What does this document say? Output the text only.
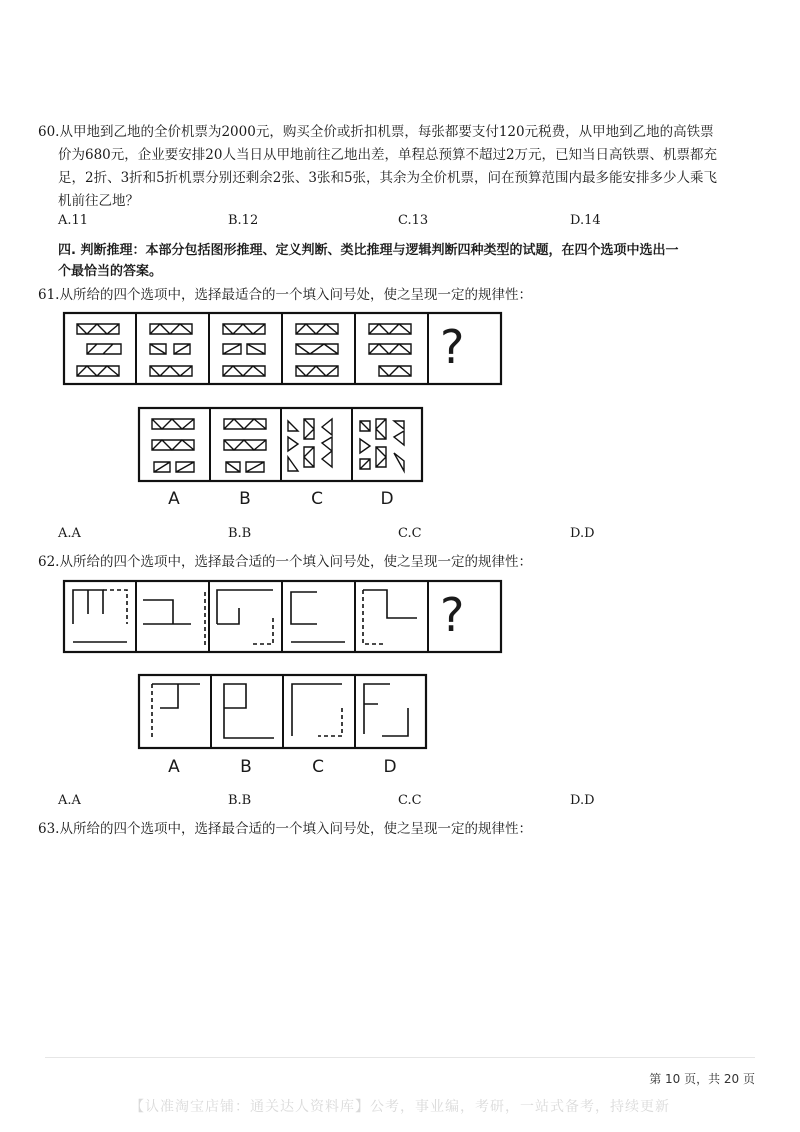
60.从甲地到乙地的全价机票为2000元，购买全价或折扣机票，每张都要支付120元税费，从甲地到乙地的高铁票
价为680元，企业要安排20人当日从甲地前往乙地出差，单程总预算不超过2万元，已知当日高铁票、机票都充
足，2折、3折和5折机票分别还剩余2张、3张和5张，其余为全价机票，问在预算范围内最多能安排多少人乘飞
机前往乙地？
A.11	B.12	C.13	D.14
四. 判断推理：本部分包括图形推理、定义判断、类比推理与逻辑判断四种类型的试题，在四个选项中选出一
个最恰当的答案。
61.从所给的四个选项中，选择最适合的一个填入问号处，使之呈现一定的规律性：
?
A	B	C	D
A.A	B.B	C.C	D.D
62.从所给的四个选项中，选择最合适的一个填入问号处，使之呈现一定的规律性：
?
A	B	C	D
A.A	B.B	C.C	D.D
63.从所给的四个选项中，选择最合适的一个填入问号处，使之呈现一定的规律性：
第 10 页，共 20 页
【认准淘宝店铺：通关达人资料库】公考，事业编，考研，一站式备考，持续更新
